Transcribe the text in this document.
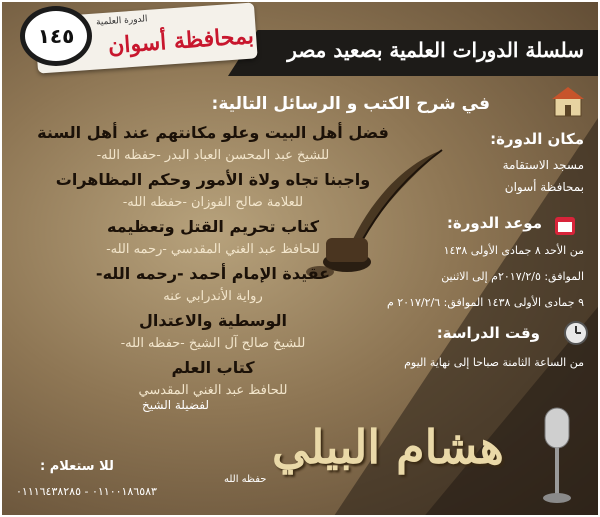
سلسلة الدورات العلمية بصعيد مصر
الدورة العلمية
بمحافظة أسوان
١٤٥
في شرح الكتب و الرسائل التالية:
فضل أهل البيت وعلو مكانتهم عند أهل السنة
للشيخ عبد المحسن العباد البدر -حفظه الله-
واجبنا تجاه ولاة الأمور وحكم المظاهرات
للعلامة صالح الفوزان -حفظه الله-
كتاب تحريم القتل وتعظيمه
للحافظ عبد الغني المقدسي -رحمه الله-
عقيدة الإمام أحمد -رحمه الله-
رواية الأندرابي عنه
الوسطية والاعتدال
للشيخ صالح آل الشيخ -حفظه الله-
كتاب العلم
للحافظ عبد الغني المقدسي
مكان الدورة:
مسجد الاستقامة
بمحافظة أسوان
موعد الدورة:
من الأحد ٨ جمادى الأولى ١٤٣٨
الموافق: ٢٠١٧/٢/٥م إلى الاثنين
٩ جمادى الأولى ١٤٣٨ الموافق: ٢٠١٧/٢/٦ م
وقت الدراسة:
من الساعة الثامنة صباحا إلى نهاية اليوم
لفضيلة الشيخ
هشام البيلي
حفظه الله
للا ستعلام :
٠١١٠٠١٨٦٥٨٣ - ٠١١١٦٤٣٨٢٨٥
